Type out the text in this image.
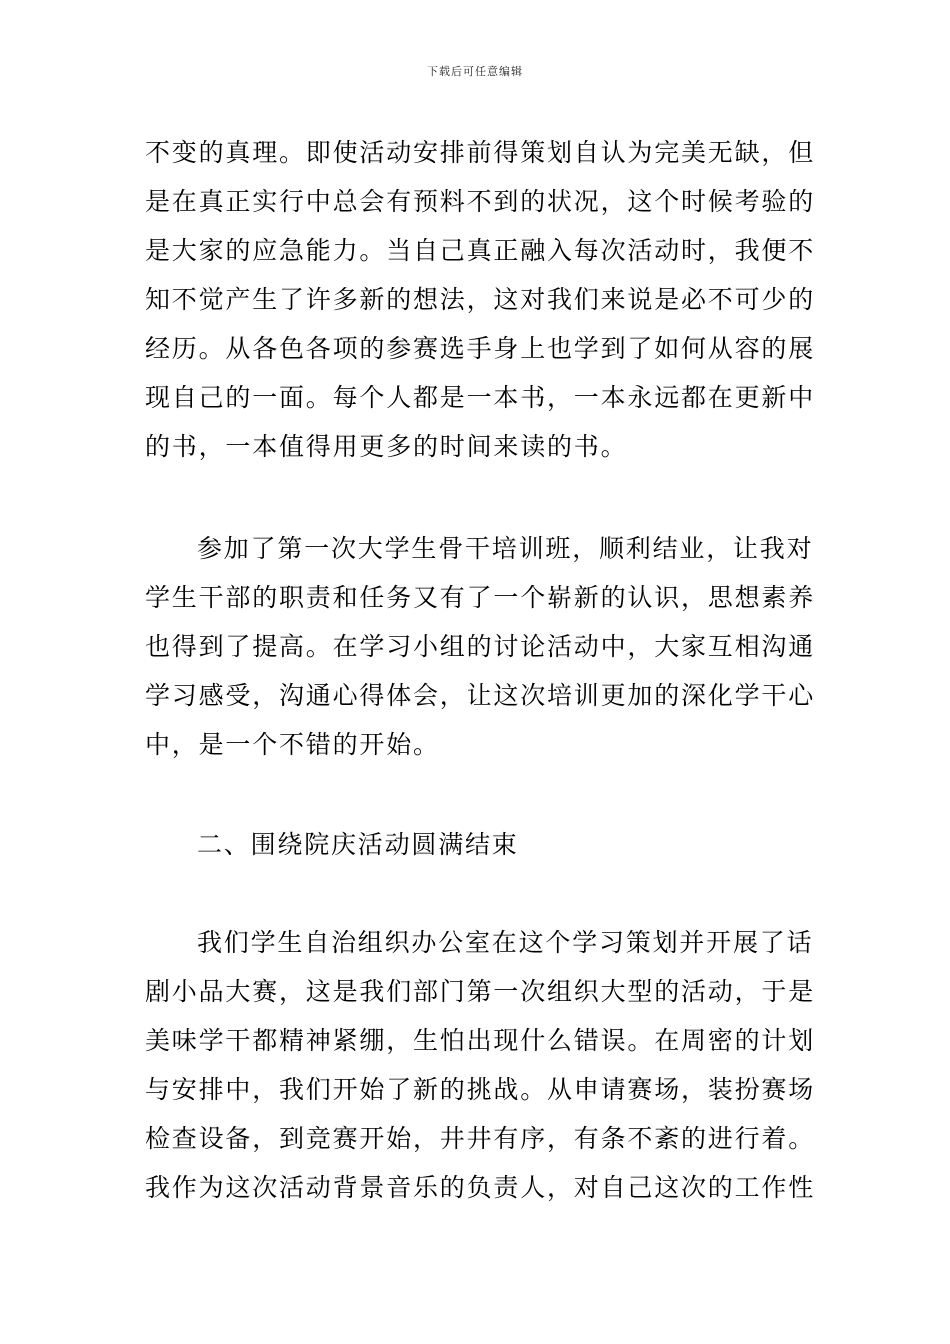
下载后可任意编辑
不变的真理。即使活动安排前得策划自认为完美无缺，但
是在真正实行中总会有预料不到的状况，这个时候考验的
是大家的应急能力。当自己真正融入每次活动时，我便不
知不觉产生了许多新的想法，这对我们来说是必不可少的
经历。从各色各项的参赛选手身上也学到了如何从容的展
现自己的一面。每个人都是一本书，一本永远都在更新中
的书，一本值得用更多的时间来读的书。
参加了第一次大学生骨干培训班，顺利结业，让我对
学生干部的职责和任务又有了一个崭新的认识，思想素养
也得到了提高。在学习小组的讨论活动中，大家互相沟通
学习感受，沟通心得体会，让这次培训更加的深化学干心
中，是一个不错的开始。
二、围绕院庆活动圆满结束
我们学生自治组织办公室在这个学习策划并开展了话
剧小品大赛，这是我们部门第一次组织大型的活动，于是
美味学干都精神紧绷，生怕出现什么错误。在周密的计划
与安排中，我们开始了新的挑战。从申请赛场，装扮赛场
检查设备，到竞赛开始，井井有序，有条不紊的进行着。
我作为这次活动背景音乐的负责人，对自己这次的工作性
